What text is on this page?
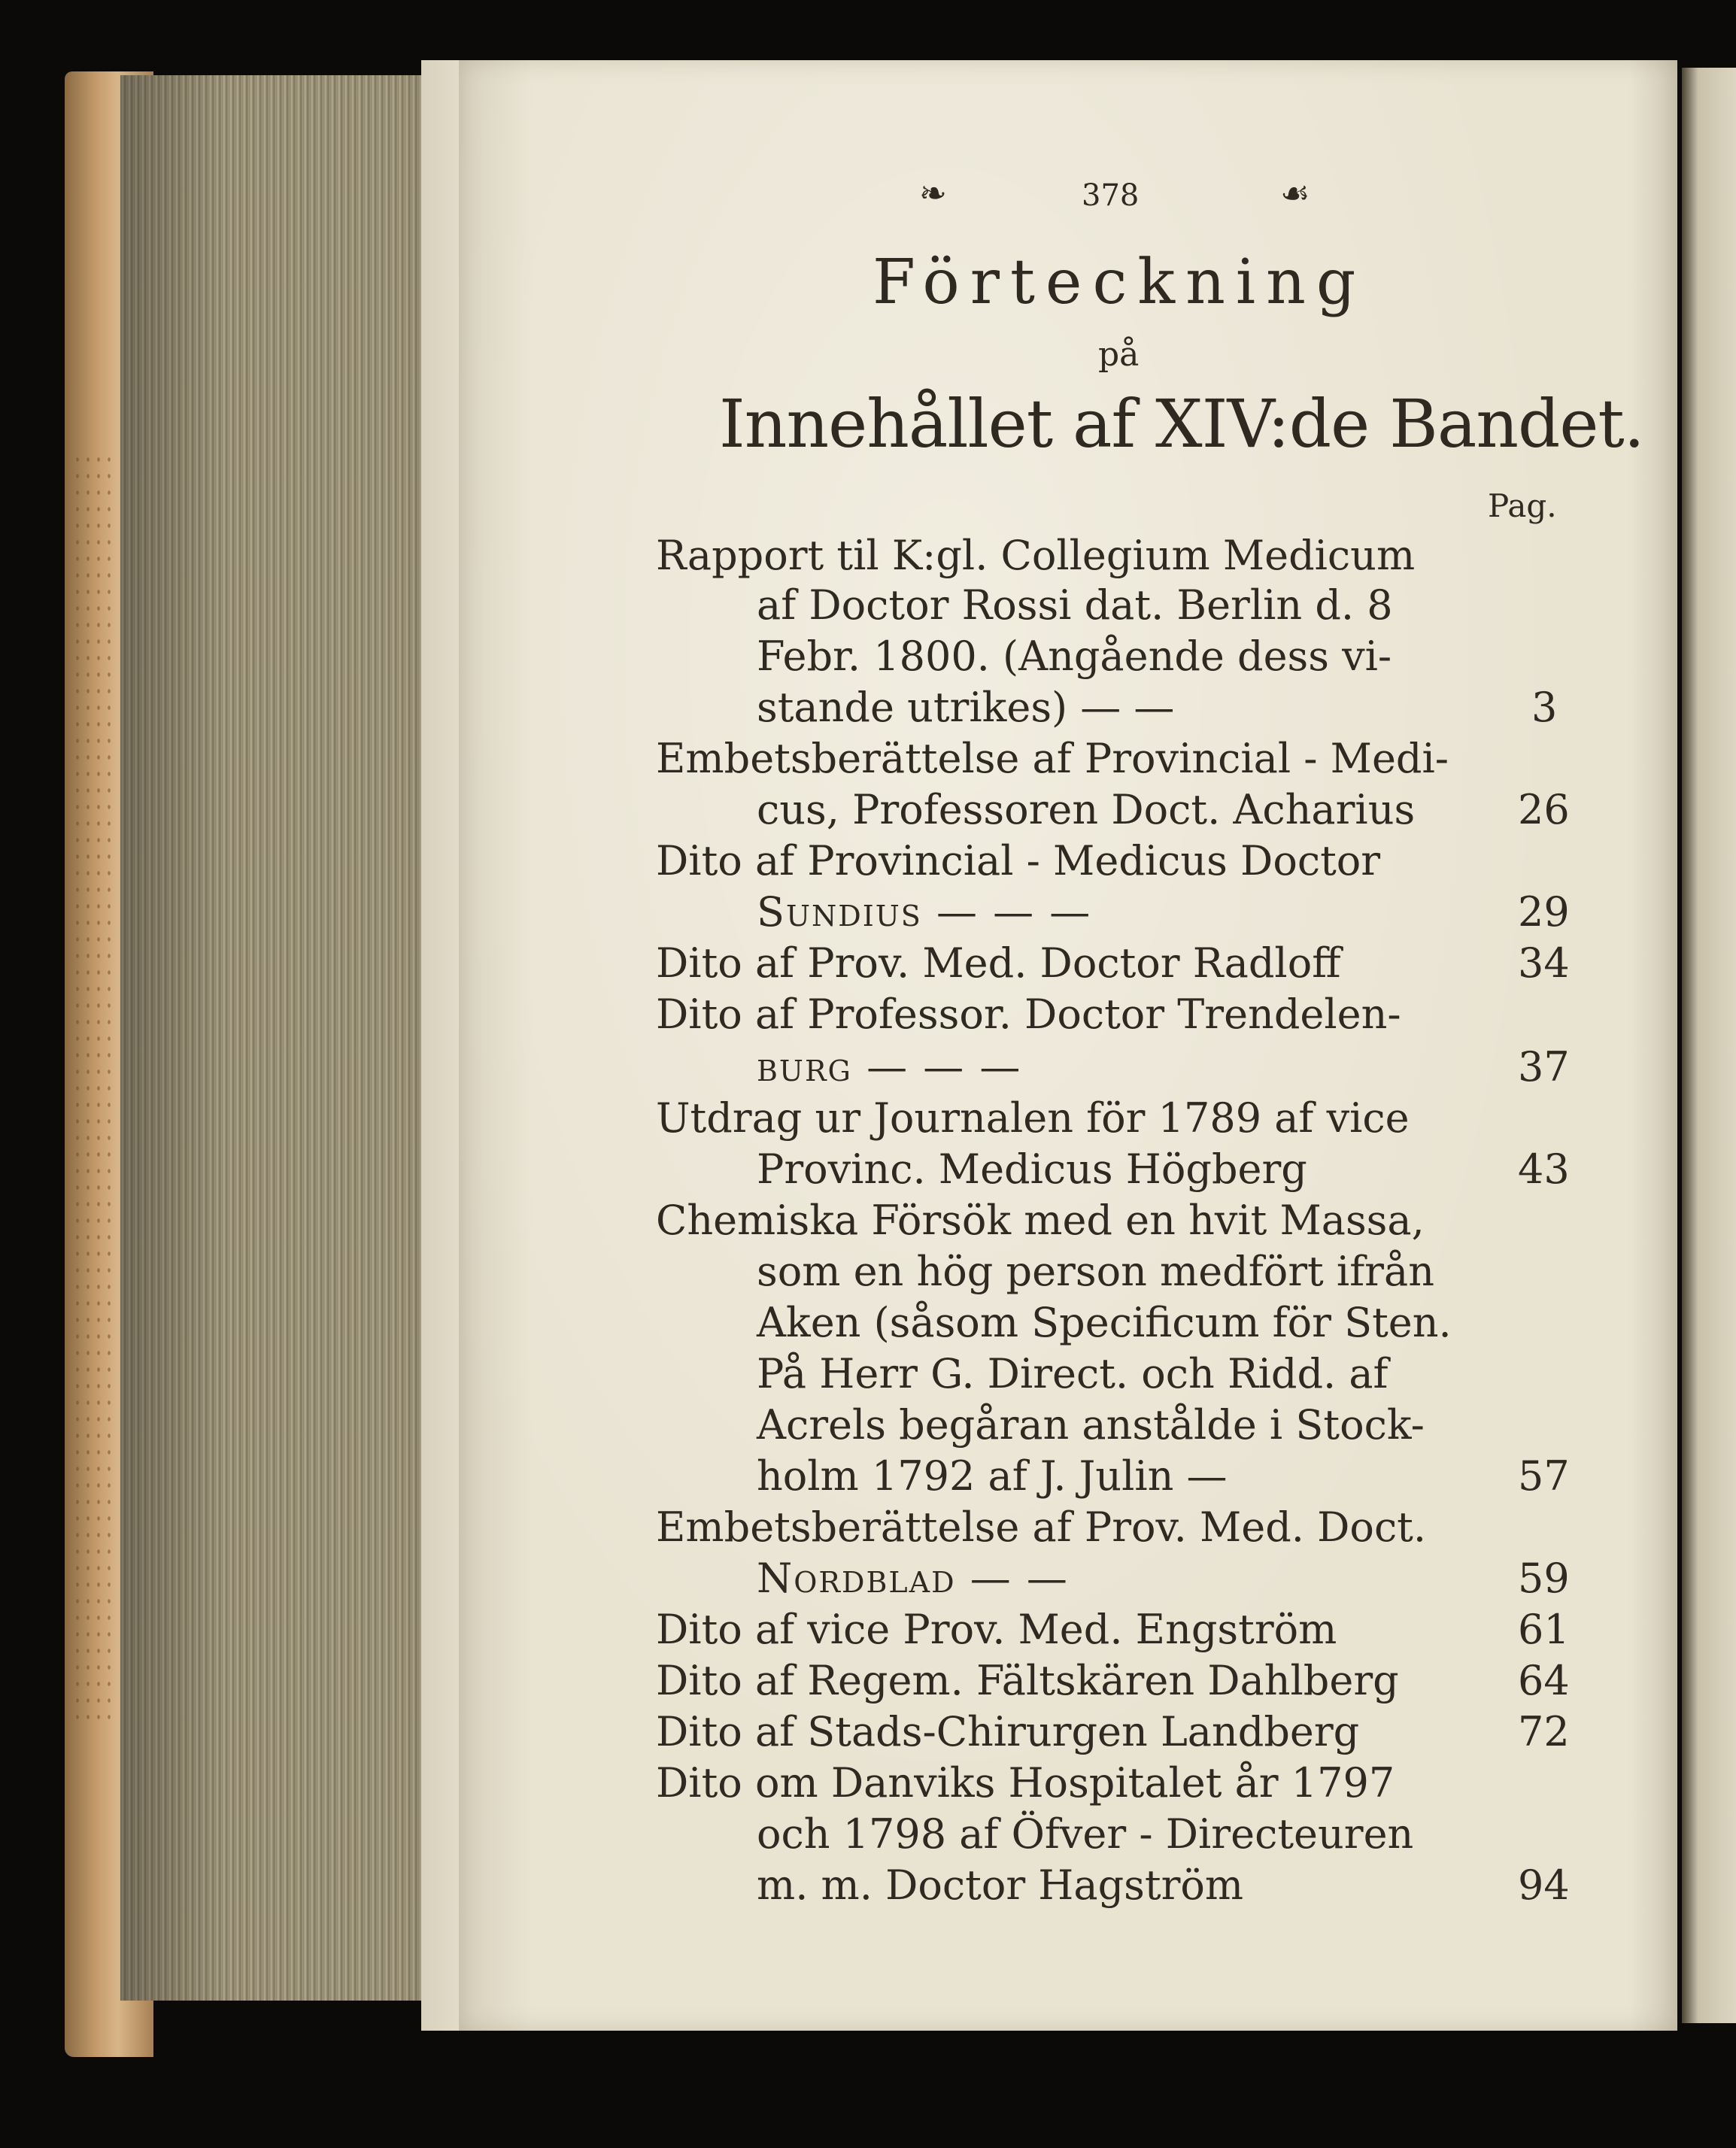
❧	378	☙
Förteckning
på
Innehållet af XIV:de Bandet.
Pag.
Rapport til K:gl. Collegium Medicum
af Doctor Rossi dat. Berlin d. 8
Febr. 1800. (Angående dess vi-
stande utrikes) — —	3
Embetsberättelse af Provincial - Medi-
cus, Professoren Doct. Acharius	26
Dito af Provincial - Medicus Doctor
Sundius — — —	29
Dito af Prov. Med. Doctor Radloff	34
Dito af Professor. Doctor Trendelen-
burg — — —	37
Utdrag ur Journalen för 1789 af vice
Provinc. Medicus Högberg	43
Chemiska Försök med en hvit Massa,
som en hög person medfört ifrån
Aken (såsom Specificum för Sten.
På Herr G. Direct. och Ridd. af
Acrels begåran anstålde i Stock-
holm 1792 af J. Julin —	57
Embetsberättelse af Prov. Med. Doct.
Nordblad — —	59
Dito af vice Prov. Med. Engström	61
Dito af Regem. Fältskären Dahlberg	64
Dito af Stads-Chirurgen Landberg	72
Dito om Danviks Hospitalet år 1797
och 1798 af Öfver - Directeuren
m. m. Doctor Hagström	94
